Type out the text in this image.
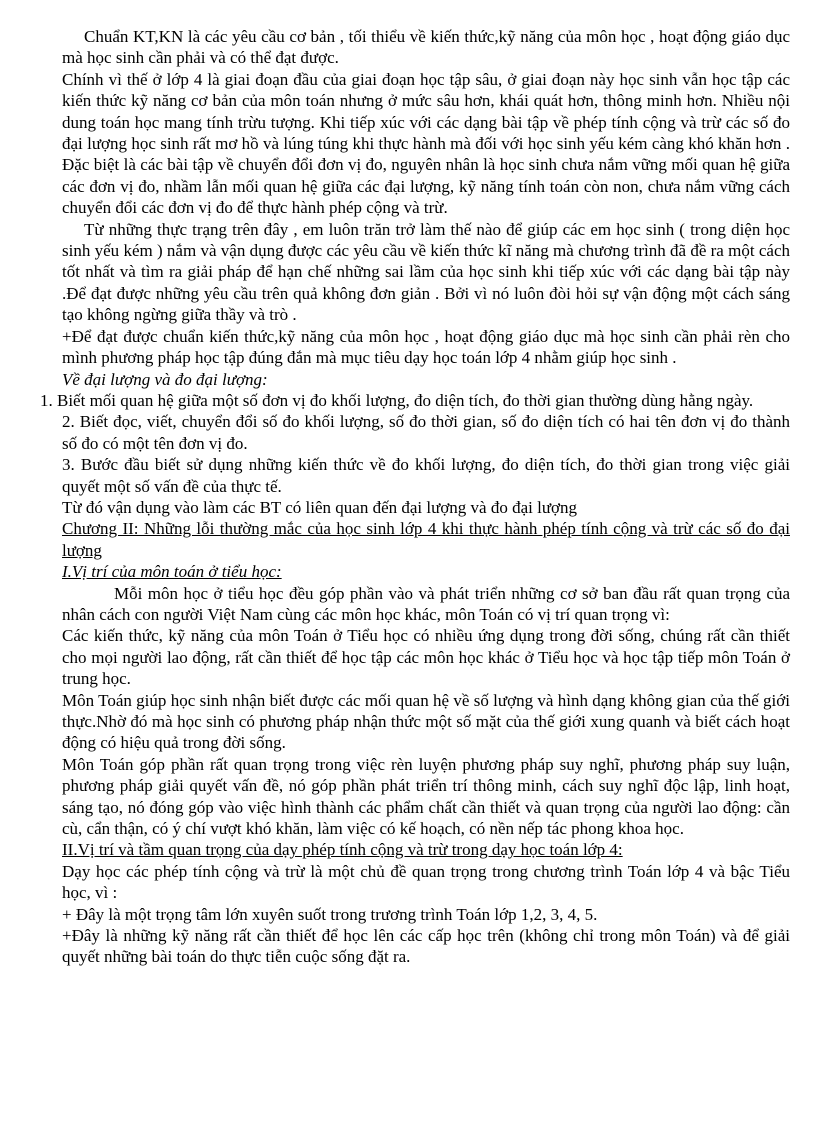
Chuẩn KT,KN là các yêu cầu cơ bản , tối thiểu về kiến thức,kỹ năng của môn học , hoạt động giáo dục mà học sinh cần phải và có thể đạt được.

Chính vì thế ở lớp 4 là giai đoạn đầu của giai đoạn học tập sâu, ở giai đoạn này học sinh vẫn học tập các kiến thức kỹ năng cơ bản của môn toán nhưng ở mức sâu hơn, khái quát hơn, thông minh hơn. Nhiều nội dung toán học mang tính trừu tượng. Khi tiếp xúc với các dạng bài tập về phép tính cộng và trừ các số đo đại lượng học sinh rất mơ hồ và lúng túng khi thực hành mà đối với học sinh yếu kém càng khó khăn hơn . Đặc biệt là các bài tập về chuyển đổi đơn vị đo, nguyên nhân là học sinh chưa nắm vững mối quan hệ giữa các đơn vị đo, nhầm lẫn mối quan hệ giữa các đại lượng, kỹ năng tính toán còn non, chưa nắm vững cách chuyển đổi các đơn vị đo để thực hành phép cộng và trừ.

Từ những thực trạng trên đây , em luôn trăn trở làm thế nào để giúp các em học sinh ( trong diện học sinh yếu kém ) nắm và vận dụng được các yêu cầu về kiến thức kĩ năng mà chương trình đã đề ra một cách tốt nhất và tìm ra giải pháp để hạn chế những sai lầm của học sinh khi tiếp xúc với các dạng bài tập này .Để đạt được những yêu cầu trên quả không đơn giản . Bởi vì nó luôn đòi hỏi sự vận động một cách sáng tạo không ngừng giữa thầy và trò .

+Để đạt được chuẩn kiến thức,kỹ năng của môn học , hoạt động giáo dục mà học sinh cần phải rèn cho mình phương pháp học tập đúng đắn mà mục tiêu dạy học toán lớp 4 nhằm giúp học sinh .

Về đại lượng và đo đại lượng:

1. Biết mối quan hệ giữa một số đơn vị đo khối lượng, đo diện tích, đo thời gian thường dùng hằng ngày.

2. Biết đọc, viết, chuyển đổi số đo khối lượng, số đo thời gian, số đo diện tích có hai tên đơn vị đo thành số đo có một tên đơn vị đo.

3. Bước đầu biết sử dụng những kiến thức về đo khối lượng, đo diện tích, đo thời gian trong việc giải quyết một số vấn đề của thực tế.

Từ đó vận dụng vào làm các BT có liên quan đến đại lượng và đo đại lượng

Chương II: Những lỗi thường mắc của học sinh lớp 4 khi thực hành phép tính cộng và trừ các số đo đại lượng

I.Vị trí của môn toán ở tiểu học:

Mỗi môn học ở tiểu học đều góp phần vào và phát triển những cơ sở ban đầu rất quan trọng của nhân cách con người Việt Nam cùng các môn học khác, môn Toán có vị trí quan trọng vì:

Các kiến thức, kỹ năng của môn Toán ở Tiểu học có nhiều ứng dụng trong đời sống, chúng rất cần thiết cho mọi người lao động, rất cần thiết để học tập các môn học khác ở Tiểu học và học tập tiếp môn Toán ở trung học.

Môn Toán giúp học sinh nhận biết được các mối quan hệ về số lượng và hình dạng không gian của thế giới thực.Nhờ đó mà học sinh có phương pháp nhận thức một số mặt của thế giới xung quanh và biết cách hoạt động có hiệu quả trong đời sống.

Môn Toán góp phần rất quan trọng trong việc rèn luyện phương pháp suy nghĩ, phương pháp suy luận, phương pháp giải quyết vấn đề, nó góp phần phát triển trí thông minh, cách suy nghĩ độc lập, linh hoạt, sáng tạo, nó đóng góp vào việc hình thành các phẩm chất cần thiết và quan trọng của người lao động: cần cù, cẩn thận, có ý chí vượt khó khăn, làm việc có kế hoạch, có nền nếp tác phong khoa học.

II.Vị trí và tầm quan trọng của dạy phép tính cộng và trừ trong dạy học toán lớp 4:

Dạy học các phép tính cộng và trừ là một chủ đề quan trọng trong chương trình Toán lớp 4 và bậc Tiểu học, vì :

+ Đây là một trọng tâm lớn xuyên suốt trong trương trình Toán lớp 1,2, 3, 4, 5.

+Đây là những kỹ năng rất cần thiết để học lên các cấp học trên (không chỉ trong môn Toán) và để giải quyết những bài toán do thực tiễn cuộc sống đặt ra.
